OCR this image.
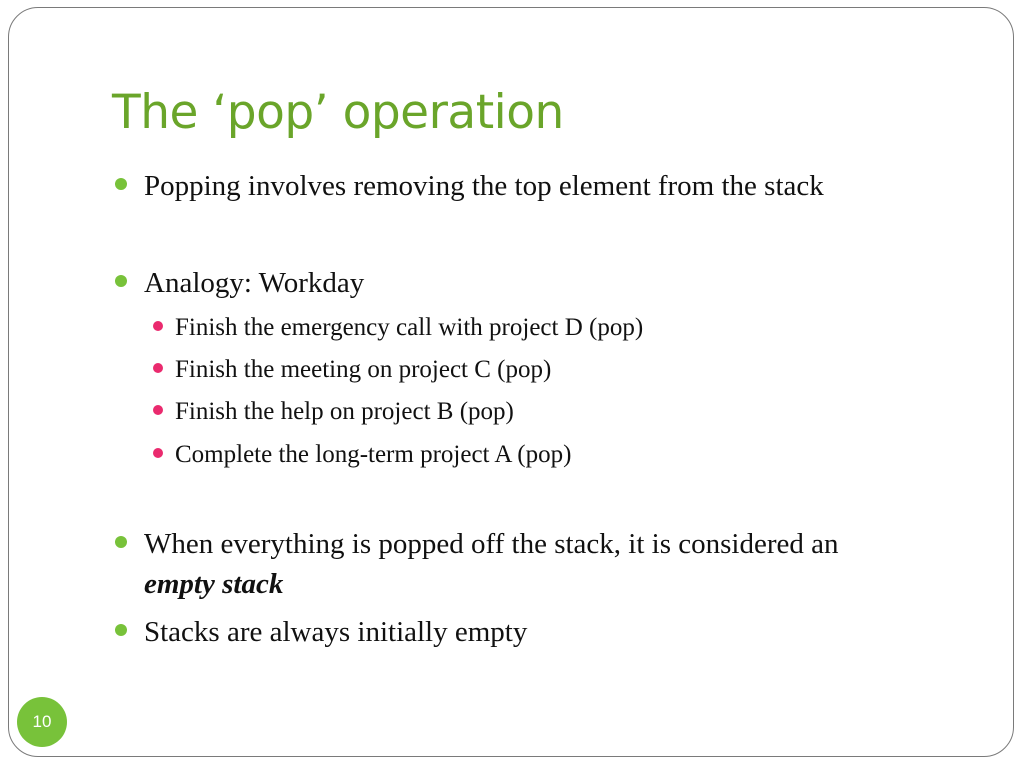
The ‘pop’ operation
Popping involves removing the top element from the stack
Analogy: Workday
Finish the emergency call with project D (pop)
Finish the meeting on project C (pop)
Finish the help on project B (pop)
Complete the long-term project A (pop)
When everything is popped off the stack, it is considered an
empty stack
Stacks are always initially empty
10
